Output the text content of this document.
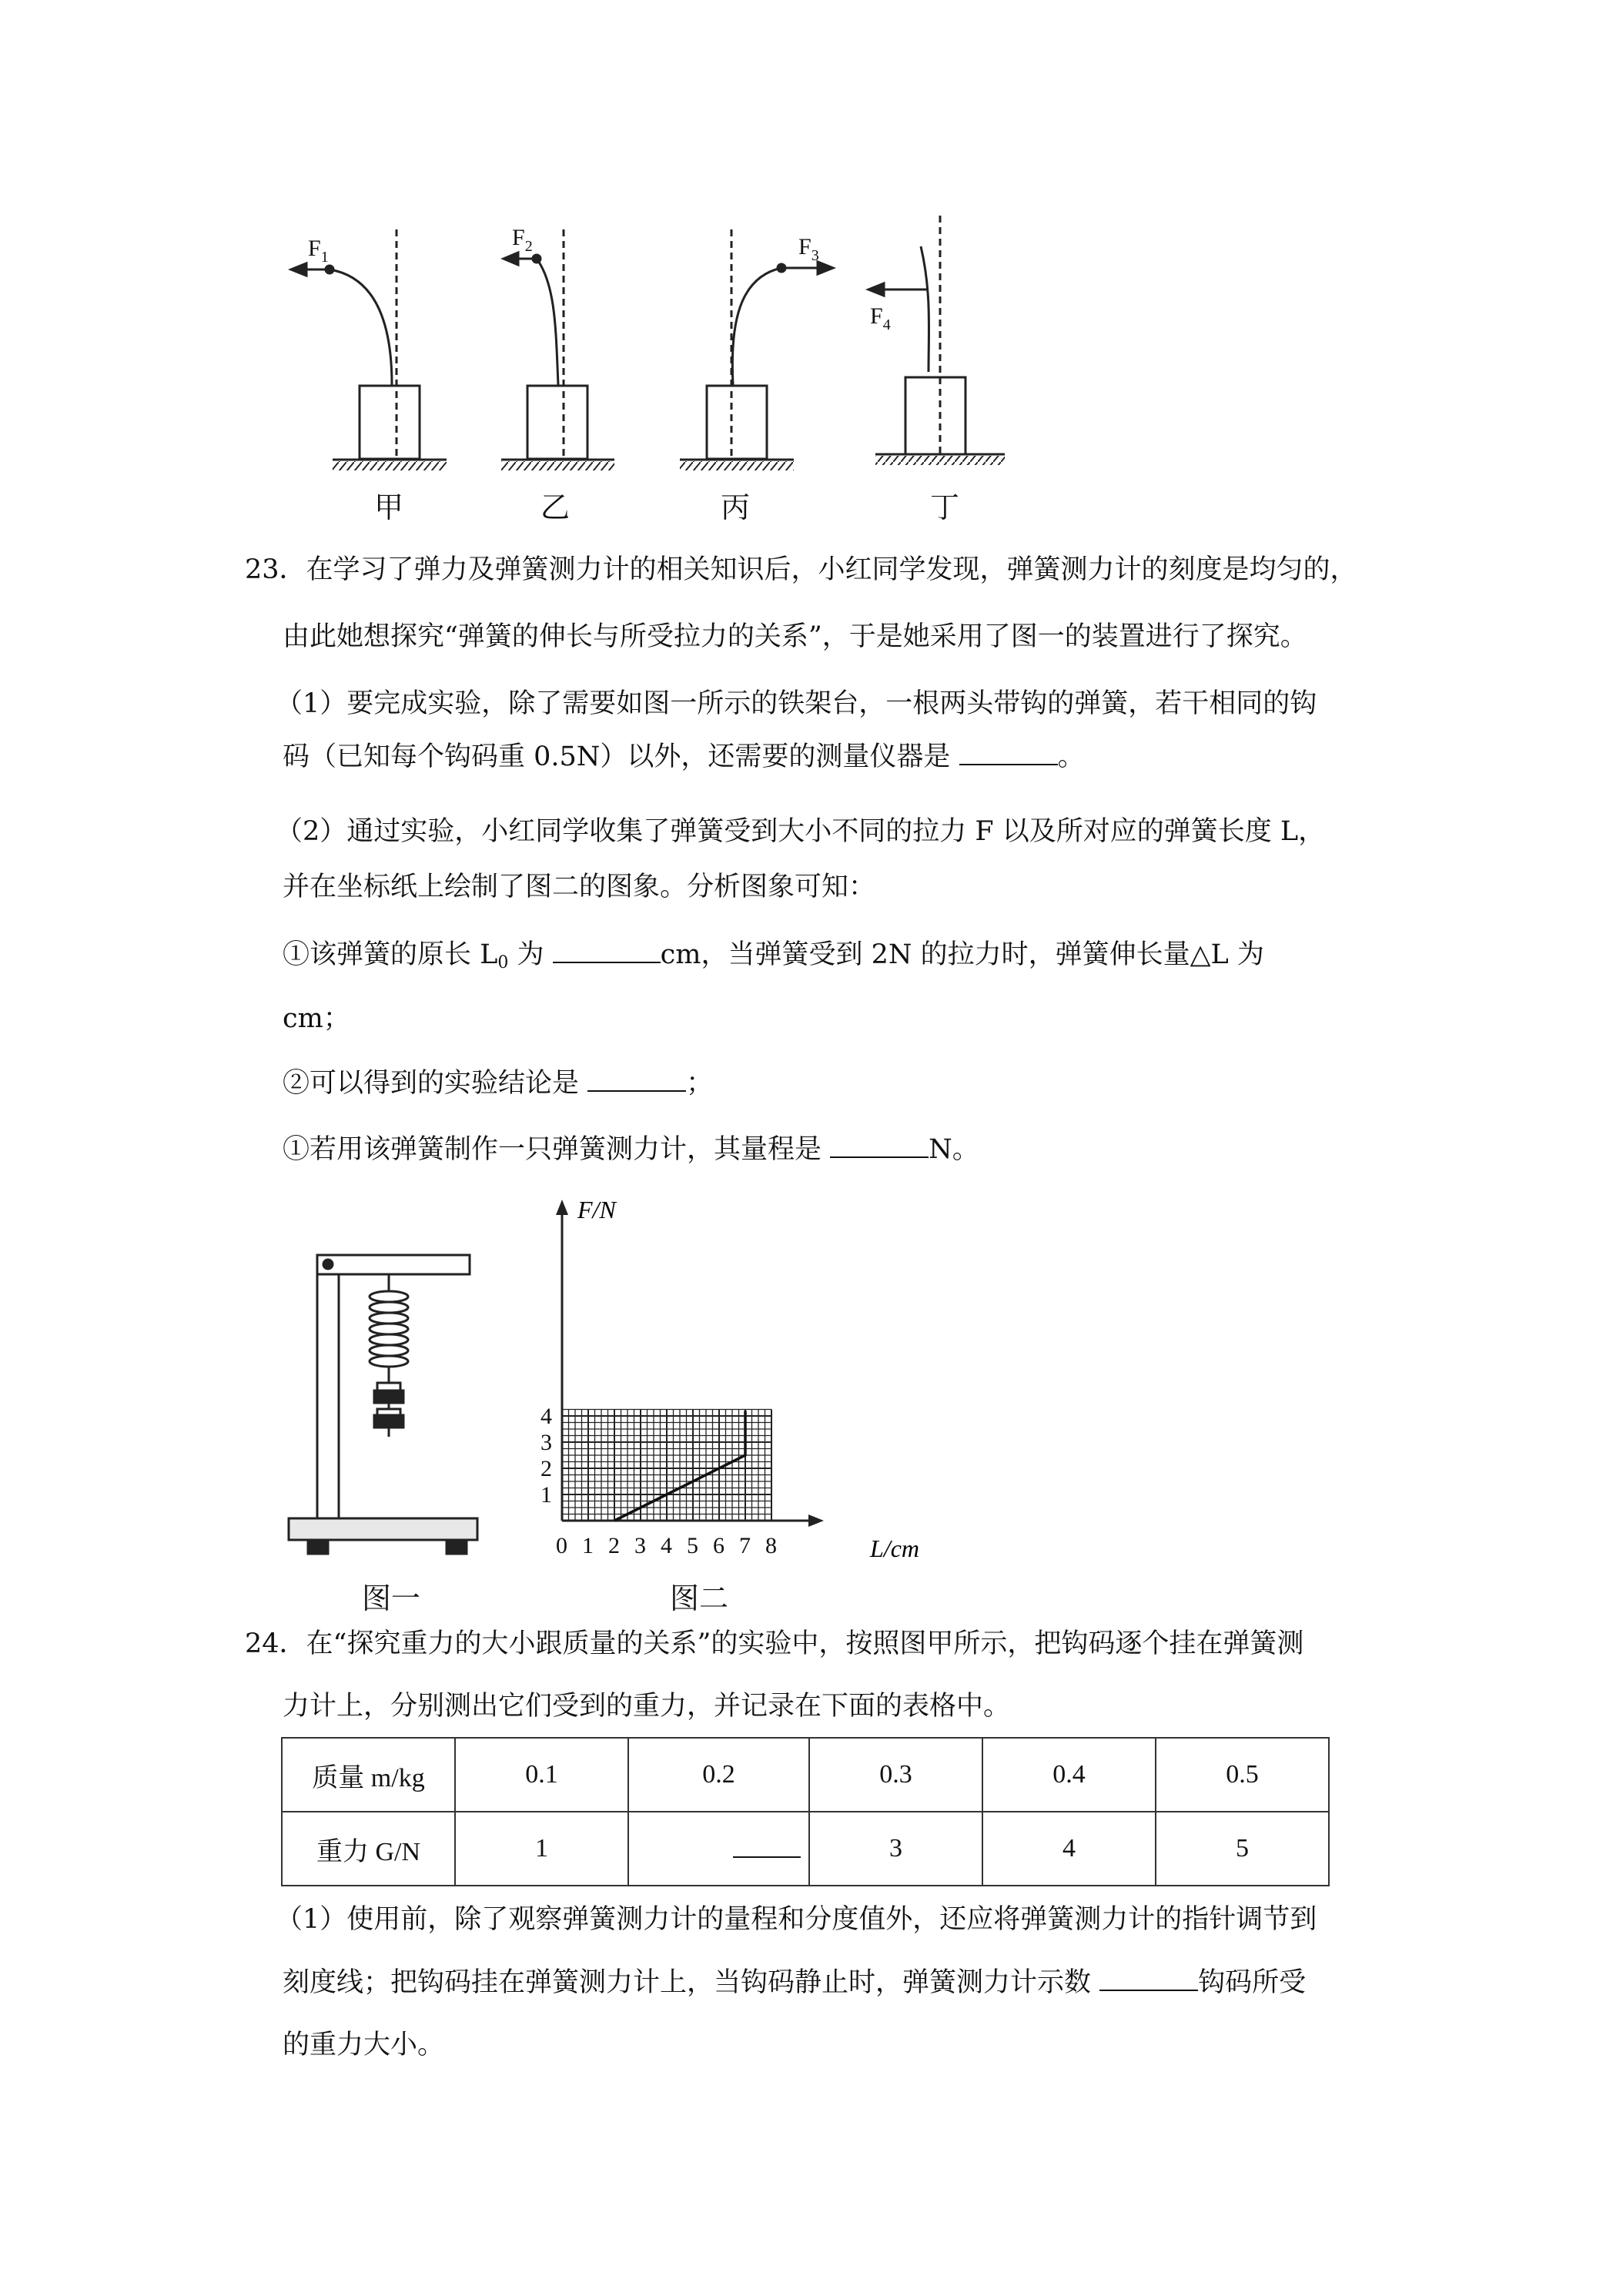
$F_1$
$F_2$	$F_3$
$F_4$
甲	乙	丙	丁
23．在学习了弹力及弹簧测力计的相关知识后，小红同学发现，弹簧测力计的刻度是均匀的，
由此她想探究“弹簧的伸长与所受拉力的关系”，于是她采用了图一的装置进行了探究。
（1）要完成实验，除了需要如图一所示的铁架台，一根两头带钩的弹簧，若干相同的钩
码（已知每个钩码重 0.5N）以外，还需要的测量仪器是	。
（2）通过实验，小红同学收集了弹簧受到大小不同的拉力 F 以及所对应的弹簧长度 L，
并在坐标纸上绘制了图二的图象。分析图象可知：
①该弹簧的原长 $L_0$ 为	cm，当弹簧受到 2N 的拉力时，弹簧伸长量△L 为
cm；
②可以得到的实验结论是	；
①若用该弹簧制作一只弹簧测力计，其量程是	N。
图一
0 1 2 3 4 5 6 7 8
1
2
3
4
F/N
L/cm
图二
24．在“探究重力的大小跟质量的关系”的实验中，按照图甲所示，把钩码逐个挂在弹簧测
力计上，分别测出它们受到的重力，并记录在下面的表格中。
质量 m/kg	0.1	0.2	0.3	0.4	0.5
重力 G/N	1		3	4	5
（1）使用前，除了观察弹簧测力计的量程和分度值外，还应将弹簧测力计的指针调节到
刻度线；把钩码挂在弹簧测力计上，当钩码静止时，弹簧测力计示数	钩码所受
的重力大小。
